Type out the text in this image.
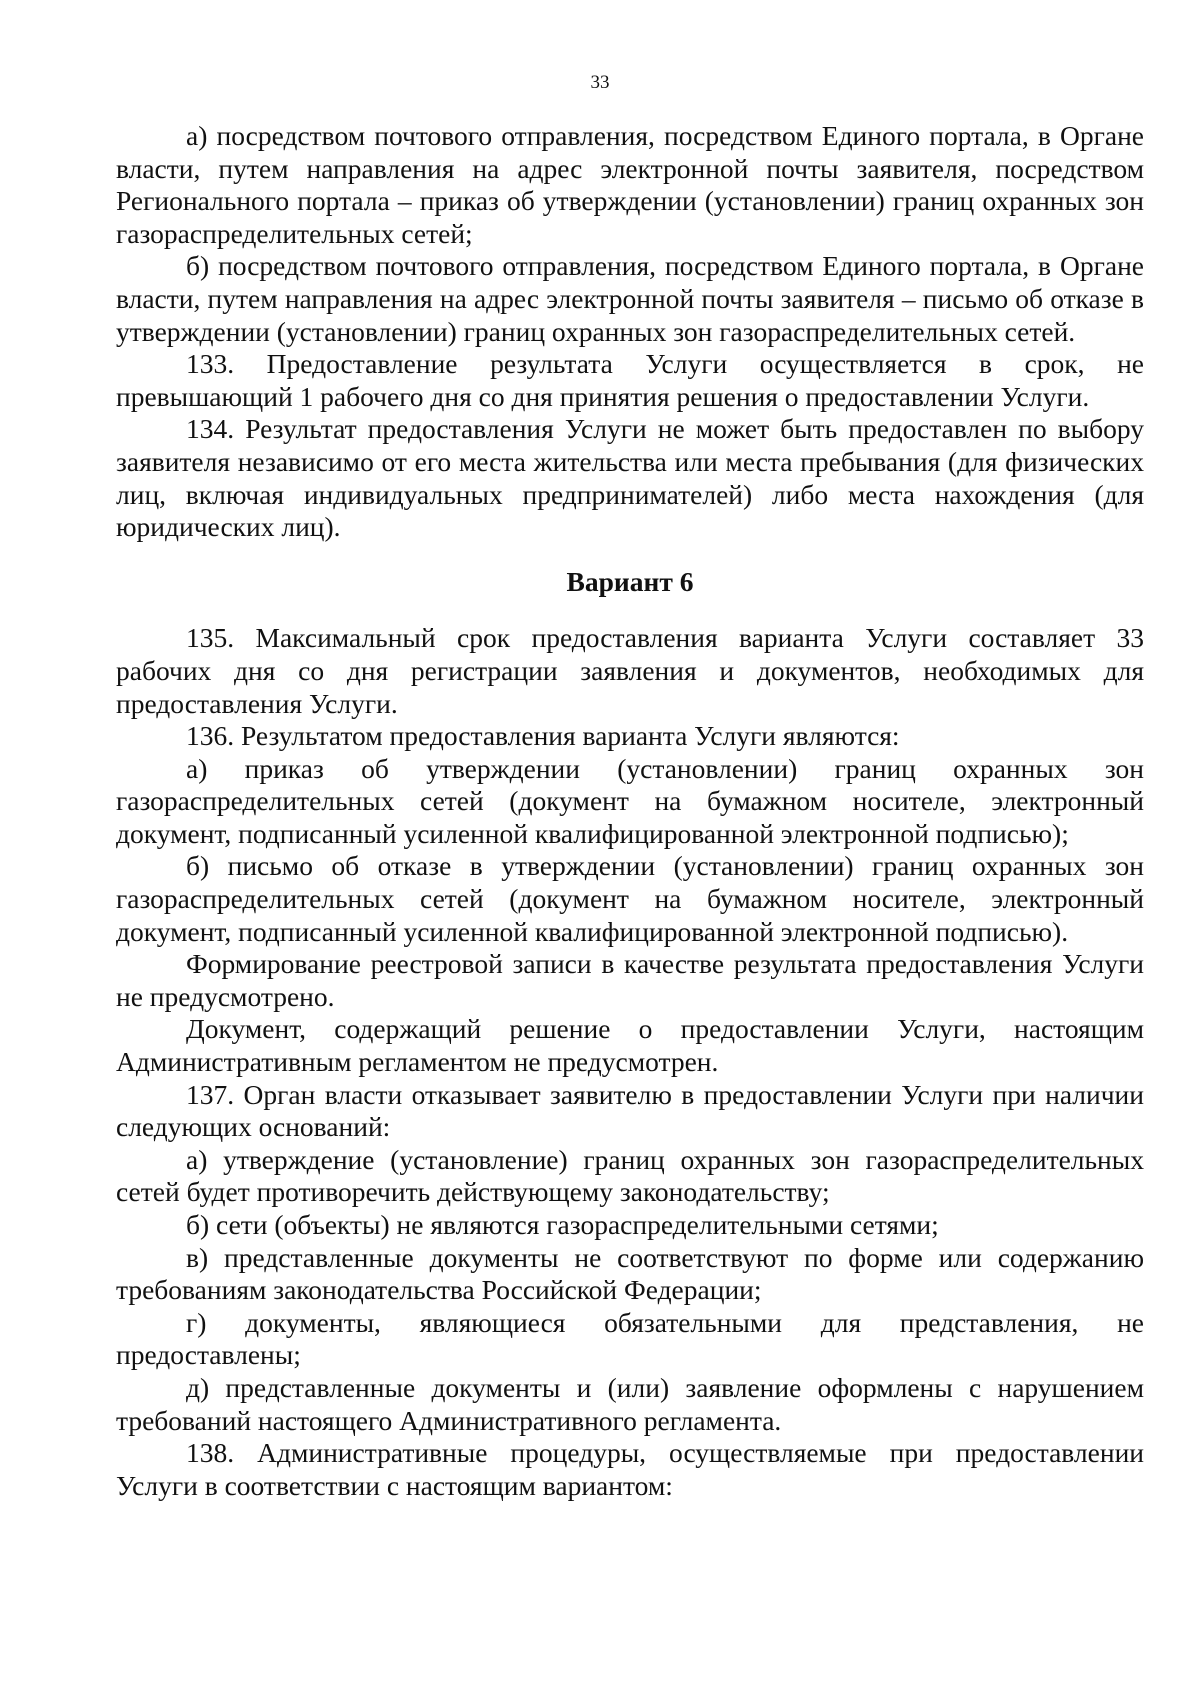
33

а) посредством почтового отправления, посредством Единого портала, в Органе власти, путем направления на адрес электронной почты заявителя, посредством Регионального портала – приказ об утверждении (установлении) границ охранных зон газораспределительных сетей;

б) посредством почтового отправления, посредством Единого портала, в Органе власти, путем направления на адрес электронной почты заявителя – письмо об отказе в утверждении (установлении) границ охранных зон газораспределительных сетей.

133. Предоставление результата Услуги осуществляется в срок, не превышающий 1 рабочего дня со дня принятия решения о предоставлении Услуги.

134. Результат предоставления Услуги не может быть предоставлен по выбору заявителя независимо от его места жительства или места пребывания (для физических лиц, включая индивидуальных предпринимателей) либо места нахождения (для юридических лиц).

Вариант 6

135. Максимальный срок предоставления варианта Услуги составляет 33 рабочих дня со дня регистрации заявления и документов, необходимых для предоставления Услуги.

136. Результатом предоставления варианта Услуги являются:

а) приказ об утверждении (установлении) границ охранных зон газораспределительных сетей (документ на бумажном носителе, электронный документ, подписанный усиленной квалифицированной электронной подписью);

б) письмо об отказе в утверждении (установлении) границ охранных зон газораспределительных сетей (документ на бумажном носителе, электронный документ, подписанный усиленной квалифицированной электронной подписью).

Формирование реестровой записи в качестве результата предоставления Услуги не предусмотрено.

Документ, содержащий решение о предоставлении Услуги, настоящим Административным регламентом не предусмотрен.

137. Орган власти отказывает заявителю в предоставлении Услуги при наличии следующих оснований:

а) утверждение (установление) границ охранных зон газораспределительных сетей будет противоречить действующему законодательству;

б) сети (объекты) не являются газораспределительными сетями;

в) представленные документы не соответствуют по форме или содержанию требованиям законодательства Российской Федерации;

г) документы, являющиеся обязательными для представления, не предоставлены;

д) представленные документы и (или) заявление оформлены с нарушением требований настоящего Административного регламента.

138. Административные процедуры, осуществляемые при предоставлении Услуги в соответствии с настоящим вариантом:
